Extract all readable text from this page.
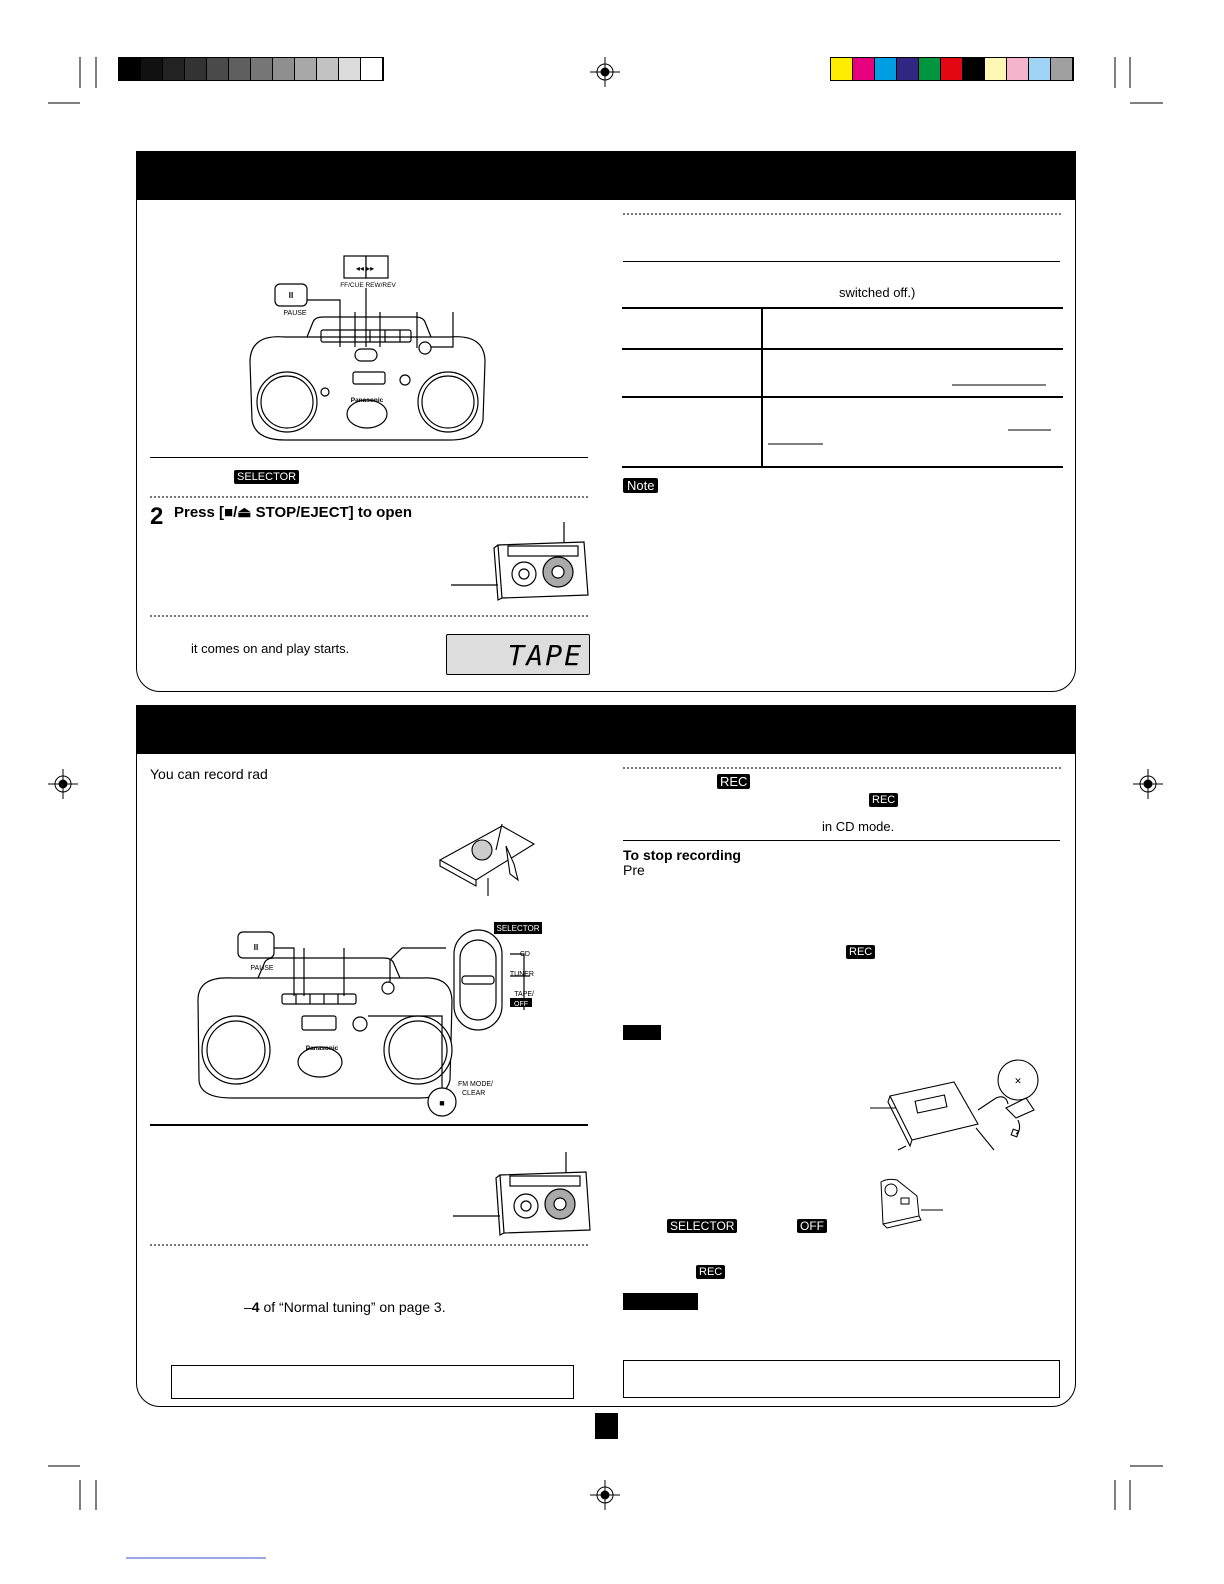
◂◂ ▸▸
II
PAUSE
FF/CUE REW/REV
Panasonic
SELECTOR
2 Press [■/⏏ STOP/EJECT] to open
it comes on and play starts.	TAPE
switched off.)
Note
You can record rad
II
PAUSE
SELECTOR
CD
TUNER
TAPE/
OFF
Panasonic
FM MODE/
CLEAR
■
–4 of “Normal tuning” on page 3.
REC
REC
in CD mode.
To stop recording
Pre
REC
✕
SELECTOR	OFF
REC
